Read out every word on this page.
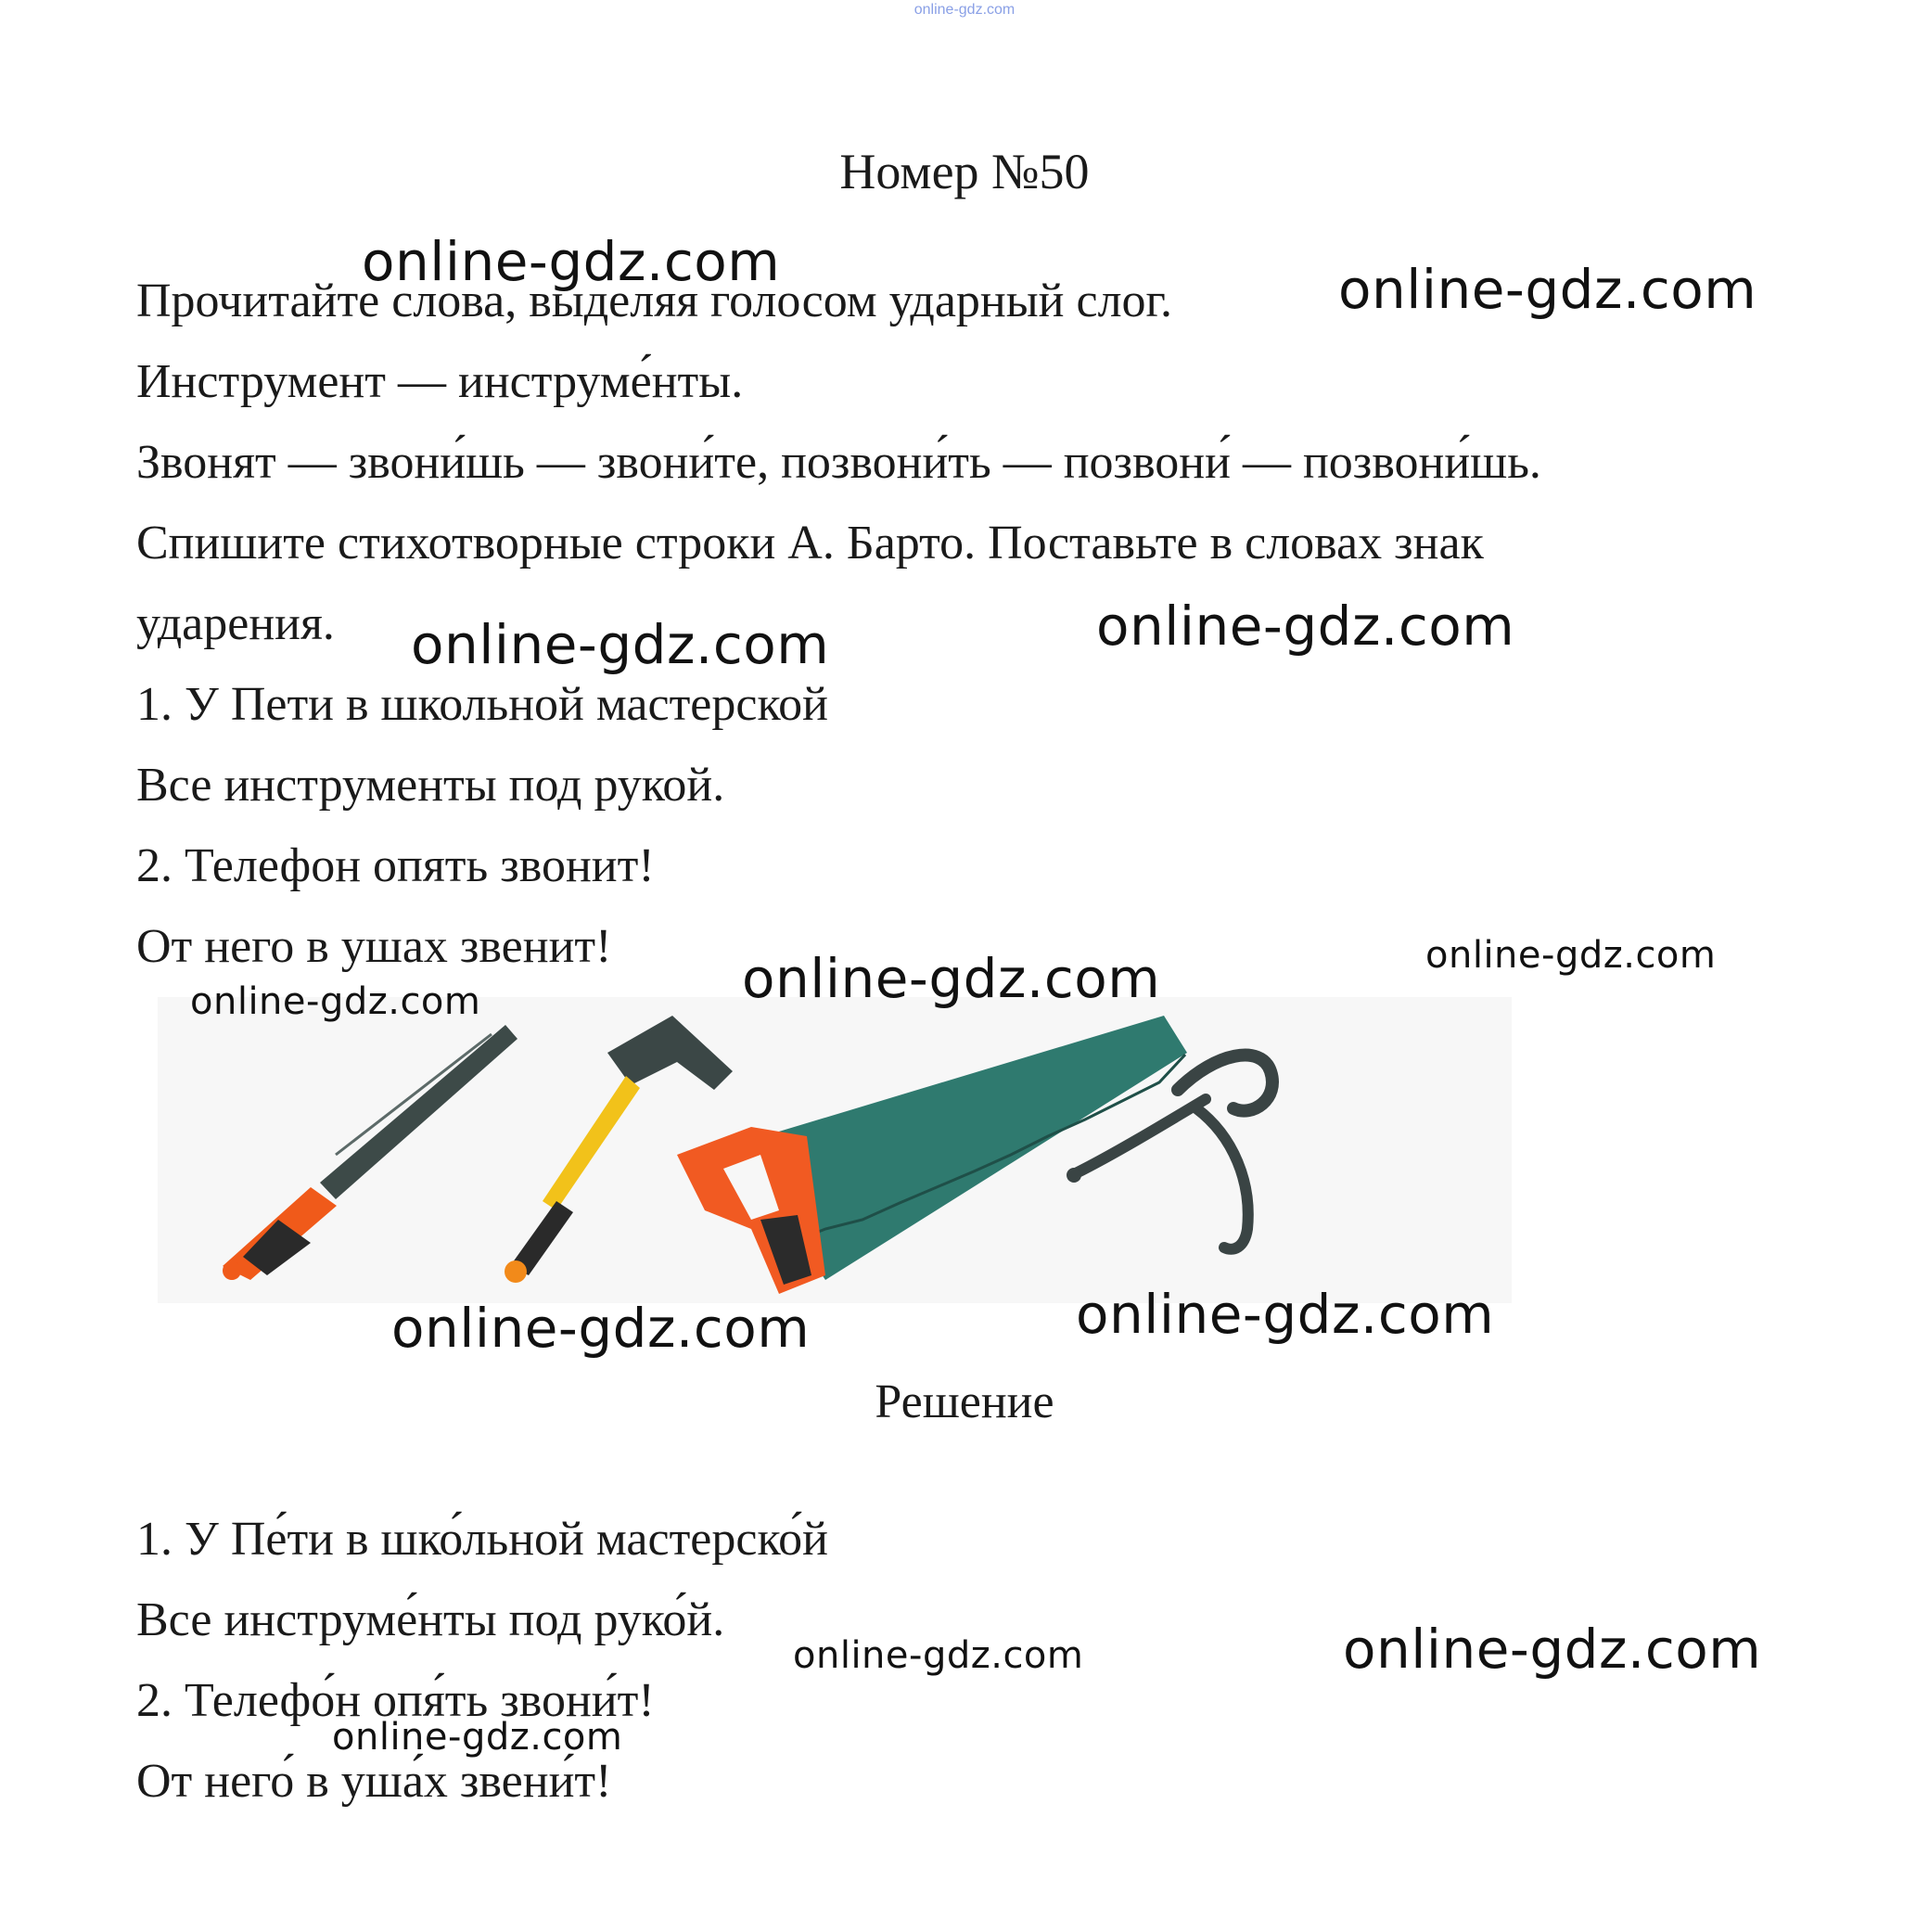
online-gdz.com
Номер №50
Прочитайте слова, выделяя голосом ударный слог.
Инструмент — инструме́нты.
Звонят — звони́шь — звони́те, позвони́ть — позвони́ — позвони́шь.
Спишите стихотворные строки А. Барто. Поставьте в словах знак
ударения.
1. У Пети в школьной мастерской
Все инструменты под рукой.
2. Телефон опять звонит!
От него в ушах звенит!
Решение
1. У Пе́ти в шко́льной мастерско́й
Все инструме́нты под руко́й.
2. Телефо́н опя́ть звони́т!
От него́ в уша́х звени́т!
online-gdz.com	online-gdz.com
online-gdz.com	online-gdz.com
online-gdz.com	online-gdz.com
online-gdz.com
online-gdz.com	online-gdz.com
online-gdz.com	online-gdz.com
online-gdz.com
